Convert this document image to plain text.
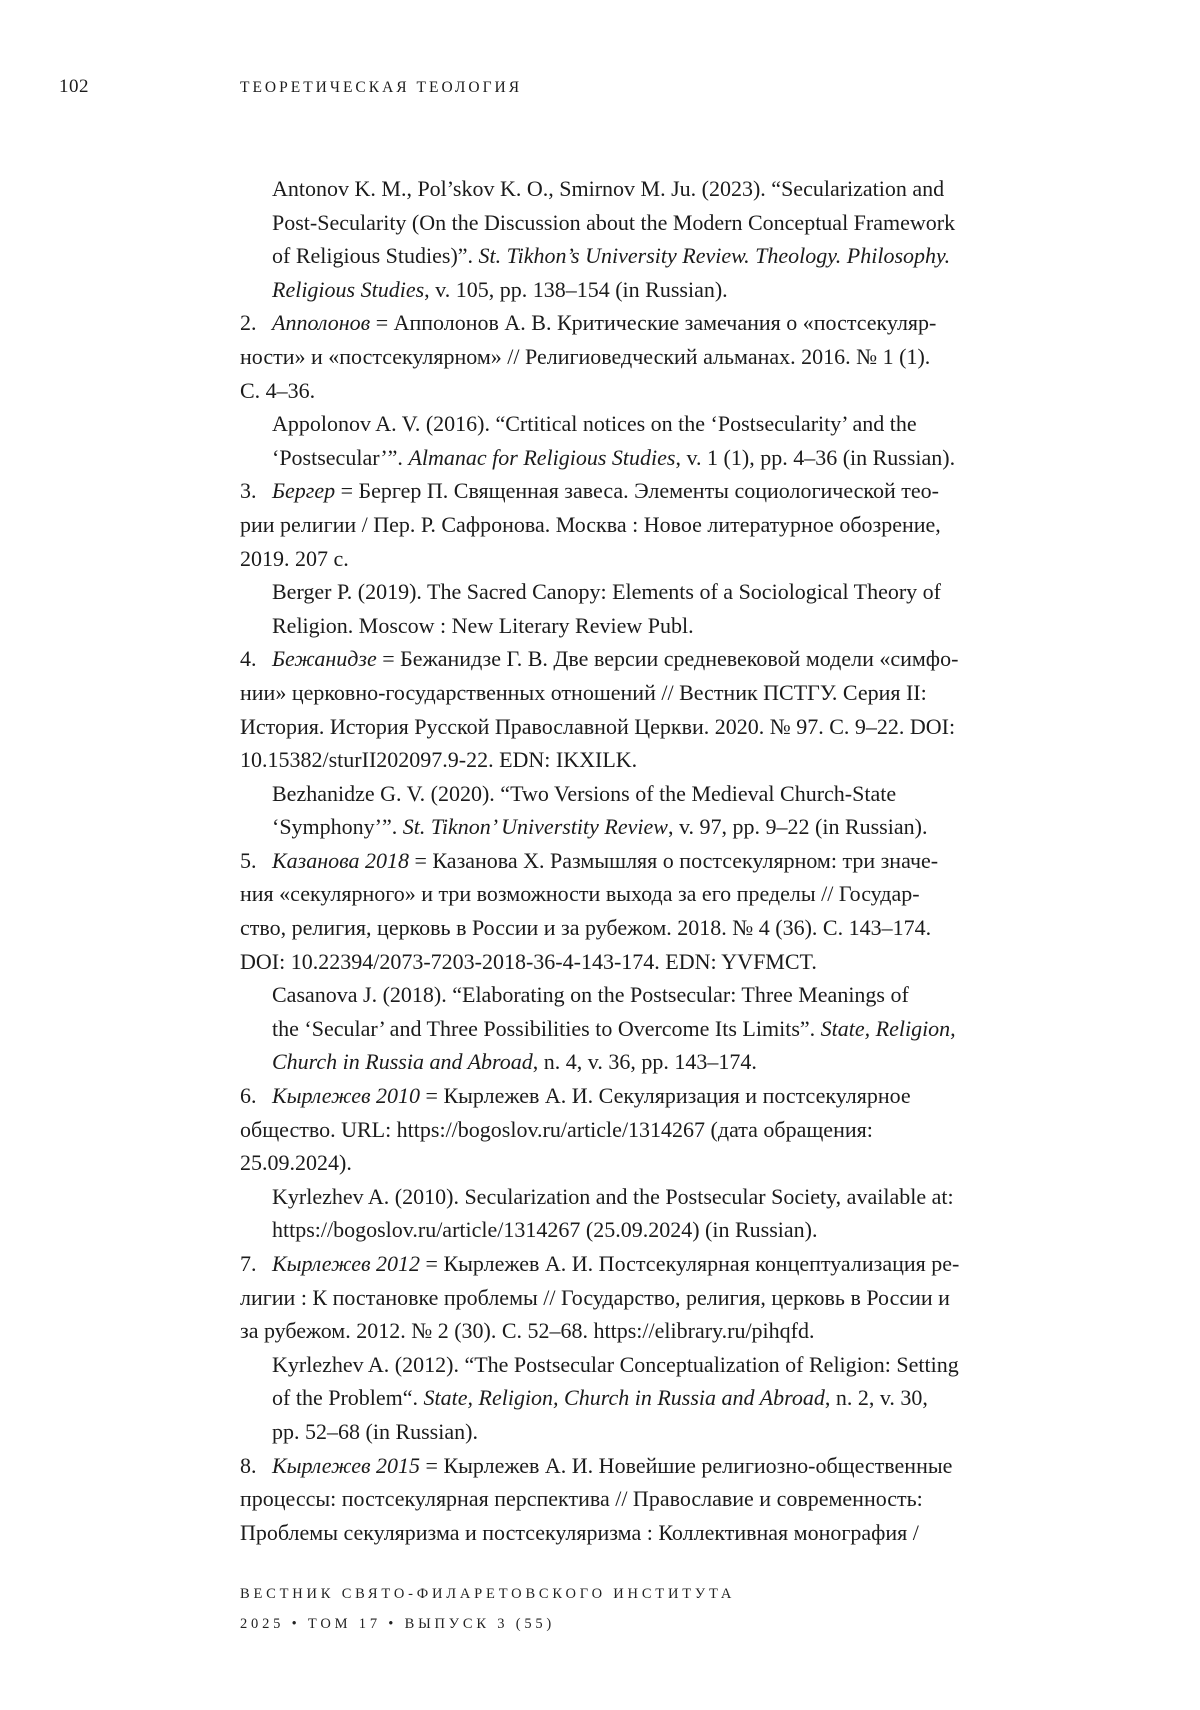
102	ТЕОРЕТИЧЕСКАЯ ТЕОЛОГИЯ
Antonov K. M., Pol’skov K. O., Smirnov M. Ju. (2023). “Secularization and
Post-Secularity (On the Discussion about the Modern Conceptual Framework
of Religious Studies)”. St. Tikhon’s University Review. Theology. Philosophy.
Religious Studies, v. 105, pp. 138–154 (in Russian).
2. Апполонов = Апполонов А. В. Критические замечания о «постсекуляр-
ности» и «постсекулярном» // Религиоведческий альманах. 2016. № 1 (1).
С. 4–36.
Appolonov A. V. (2016). “Crtitical notices on the ‘Postsecularity’ and the
‘Postsecular’”. Almanac for Religious Studies, v. 1 (1), pp. 4–36 (in Russian).
3. Бергер = Бергер П. Священная завеса. Элементы социологической тео-
рии религии / Пер. Р. Сафронова. Москва : Новое литературное обозрение,
2019. 207 с.
Berger P. (2019). The Sacred Canopy: Elements of a Sociological Theory of
Religion. Moscow : New Literary Review Publ.
4. Бежанидзе = Бежанидзе Г. В. Две версии средневековой модели «симфо-
нии» церковно-государственных отношений // Вестник ПСТГУ. Серия II:
История. История Русской Православной Церкви. 2020. № 97. С. 9–22. DOI:
10.15382/sturII202097.9-22. EDN: IKXILK.
Bezhanidze G. V. (2020). “Two Versions of the Medieval Church-State
‘Symphony’”. St. Tiknon’ Universtity Review, v. 97, pp. 9–22 (in Russian).
5. Казанова 2018 = Казанова Х. Размышляя о постсекулярном: три значе-
ния «секулярного» и три возможности выхода за его пределы // Государ-
ство, религия, церковь в России и за рубежом. 2018. № 4 (36). С. 143–174.
DOI: 10.22394/2073-7203-2018-36-4-143-174. EDN: YVFMCT.
Casanova J. (2018). “Elaborating on the Postsecular: Three Meanings of
the ‘Secular’ and Three Possibilities to Overcome Its Limits”. State, Religion,
Church in Russia and Abroad, n. 4, v. 36, pp. 143–174.
6. Кырлежев 2010 = Кырлежев А. И. Секуляризация и постсекулярное
общество. URL: https://bogoslov.ru/article/1314267 (дата обращения:
25.09.2024).
Kyrlezhev A. (2010). Secularization and the Postsecular Society, available at:
https://bogoslov.ru/article/1314267 (25.09.2024) (in Russian).
7. Кырлежев 2012 = Кырлежев А. И. Постсекулярная концептуализация ре-
лигии : К постановке проблемы // Государство, религия, церковь в России и
за рубежом. 2012. № 2 (30). С. 52–68. https://elibrary.ru/pihqfd.
Kyrlezhev A. (2012). “The Postsecular Conceptualization of Religion: Setting
of the Problem“. State, Religion, Church in Russia and Abroad, n. 2, v. 30,
pp. 52–68 (in Russian).
8. Кырлежев 2015 = Кырлежев А. И. Новейшие религиозно-общественные
процессы: постсекулярная перспектива // Православие и современность:
Проблемы секуляризма и постсекуляризма : Коллективная монография /
ВЕСТНИК СВЯТО-ФИЛАРЕТОВСКОГО ИНСТИТУТА
2025 • ТОМ 17 • ВЫПУСК 3 (55)
